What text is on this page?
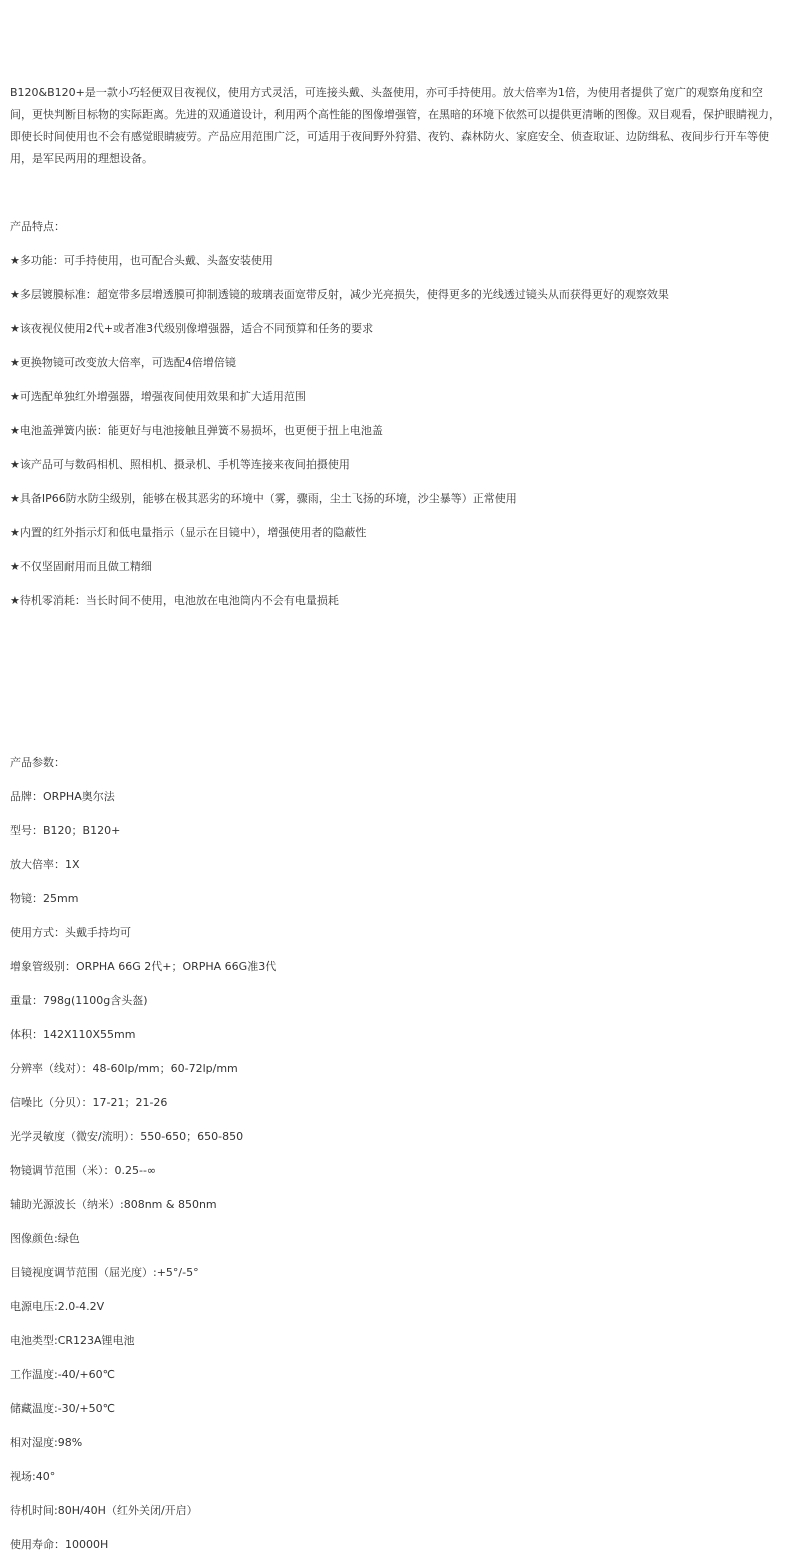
B120&B120+是一款小巧轻便双目夜视仪，使用方式灵活，可连接头戴、头盔使用，亦可手持使用。放大倍率为1倍，为使用者提供了宽广的观察角度和空间，更快判断目标物的实际距离。先进的双通道设计，利用两个高性能的图像增强管，在黑暗的环境下依然可以提供更清晰的图像。双目观看，保护眼睛视力，即使长时间使用也不会有感觉眼睛疲劳。产品应用范围广泛，可适用于夜间野外狩猎、夜钓、森林防火、家庭安全、侦查取证、边防缉私、夜间步行开车等使用，是军民两用的理想设备。
产品特点：
★多功能：可手持使用，也可配合头戴、头盔安装使用
★多层镀膜标准：超宽带多层增透膜可抑制透镜的玻璃表面宽带反射，减少光亮损失，使得更多的光线透过镜头从而获得更好的观察效果
★该夜视仪使用2代+或者准3代级别像增强器，适合不同预算和任务的要求
★更换物镜可改变放大倍率，可选配4倍增倍镜
★可选配单独红外增强器，增强夜间使用效果和扩大适用范围
★电池盖弹簧内嵌：能更好与电池接触且弹簧不易损坏，也更便于扭上电池盖
★该产品可与数码相机、照相机、摄录机、手机等连接来夜间拍摄使用
★具备IP66防水防尘级别，能够在极其恶劣的环境中（雾，骤雨，尘土飞扬的环境，沙尘暴等）正常使用
★内置的红外指示灯和低电量指示（显示在目镜中），增强使用者的隐蔽性
★不仅坚固耐用而且做工精细
★待机零消耗：当长时间不使用，电池放在电池筒内不会有电量损耗
产品参数：
品牌：ORPHA奥尔法
型号：B120；B120+
放大倍率：1X
物镜：25mm
使用方式：头戴手持均可
增象管级别：ORPHA 66G 2代+；ORPHA 66G准3代
重量：798g(1100g含头盔)
体积：142X110X55mm
分辨率（线对）：48-60lp/mm；60-72lp/mm
信噪比（分贝）：17-21；21-26
光学灵敏度（微安/流明）：550-650；650-850
物镜调节范围（米）：0.25--∞
辅助光源波长（纳米）:808nm & 850nm
图像颜色:绿色
目镜视度调节范围（屈光度）:+5°/-5°
电源电压:2.0-4.2V
电池类型:CR123A锂电池
工作温度:-40/+60℃
储藏温度:-30/+50℃
相对湿度:98%
视场:40°
待机时间:80H/40H（红外关闭/开启）
使用寿命：10000H
